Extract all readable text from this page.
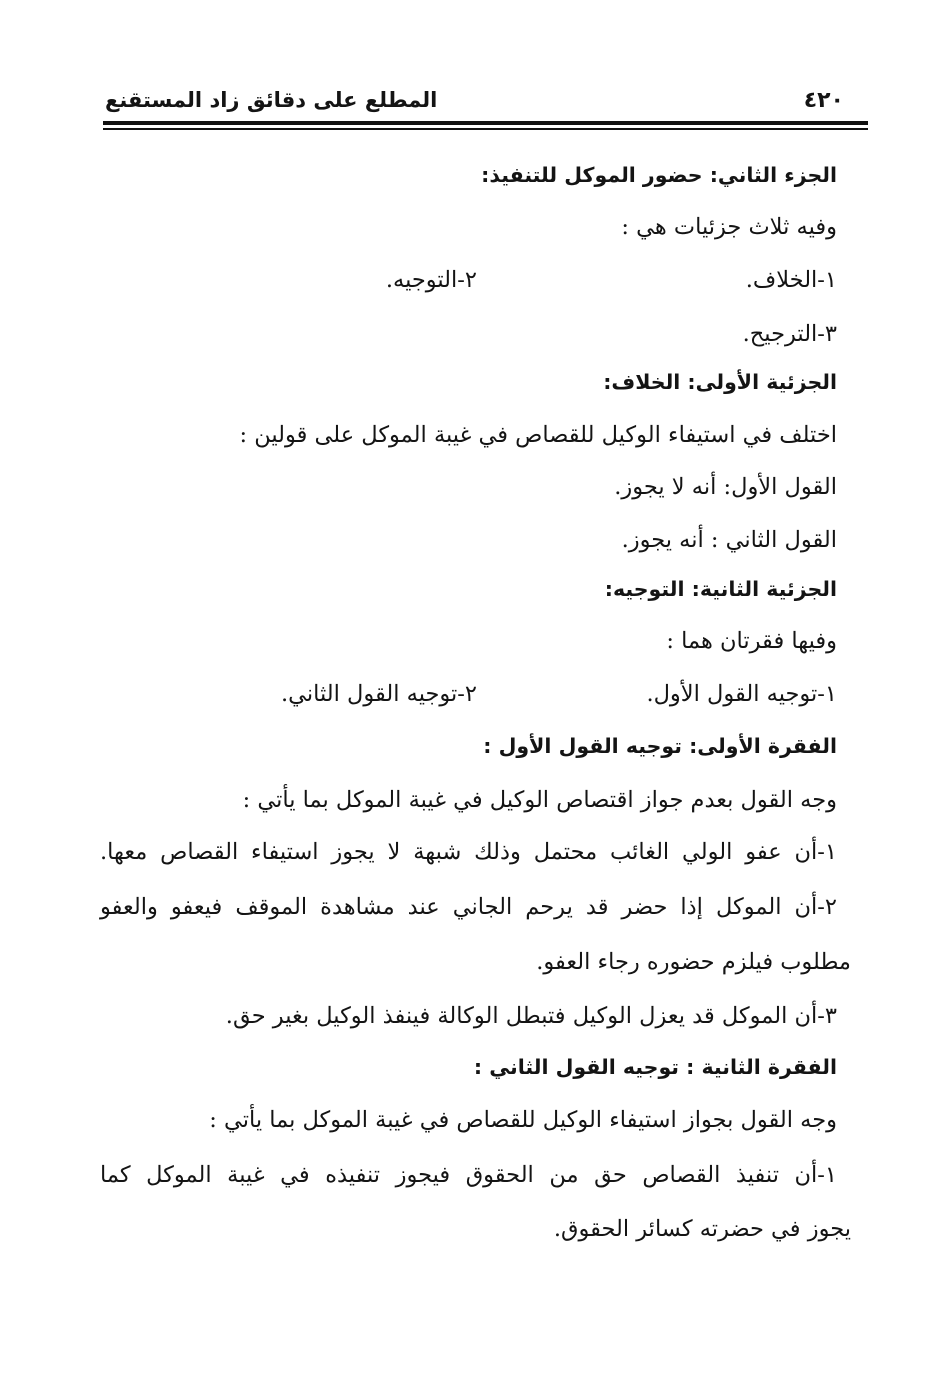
٤٢٠
المطلع على دقائق زاد المستقنع
الجزء الثاني: حضور الموكل للتنفيذ:
وفيه ثلاث جزئيات هي :
١-الخلاف.
٢-التوجيه.
٣-الترجيح.
الجزئية الأولى: الخلاف:
اختلف في استيفاء الوكيل للقصاص في غيبة الموكل على قولين :
القول الأول: أنه لا يجوز.
القول الثاني : أنه يجوز.
الجزئية الثانية: التوجيه:
وفيها فقرتان هما :
١-توجيه القول الأول.
٢-توجيه القول الثاني.
الفقرة الأولى: توجيه القول الأول :
وجه القول بعدم جواز اقتصاص الوكيل في غيبة الموكل بما يأتي :
١-أن عفو الولي الغائب محتمل وذلك شبهة لا يجوز استيفاء القصاص معها.
٢-أن الموكل إذا حضر قد يرحم الجاني عند مشاهدة الموقف فيعفو والعفو
مطلوب فيلزم حضوره رجاء العفو.
٣-أن الموكل قد يعزل الوكيل فتبطل الوكالة فينفذ الوكيل بغير حق.
الفقرة الثانية : توجيه القول الثاني :
وجه القول بجواز استيفاء الوكيل للقصاص في غيبة الموكل بما يأتي :
١-أن تنفيذ القصاص حق من الحقوق فيجوز تنفيذه في غيبة الموكل كما
يجوز في حضرته كسائر الحقوق.
